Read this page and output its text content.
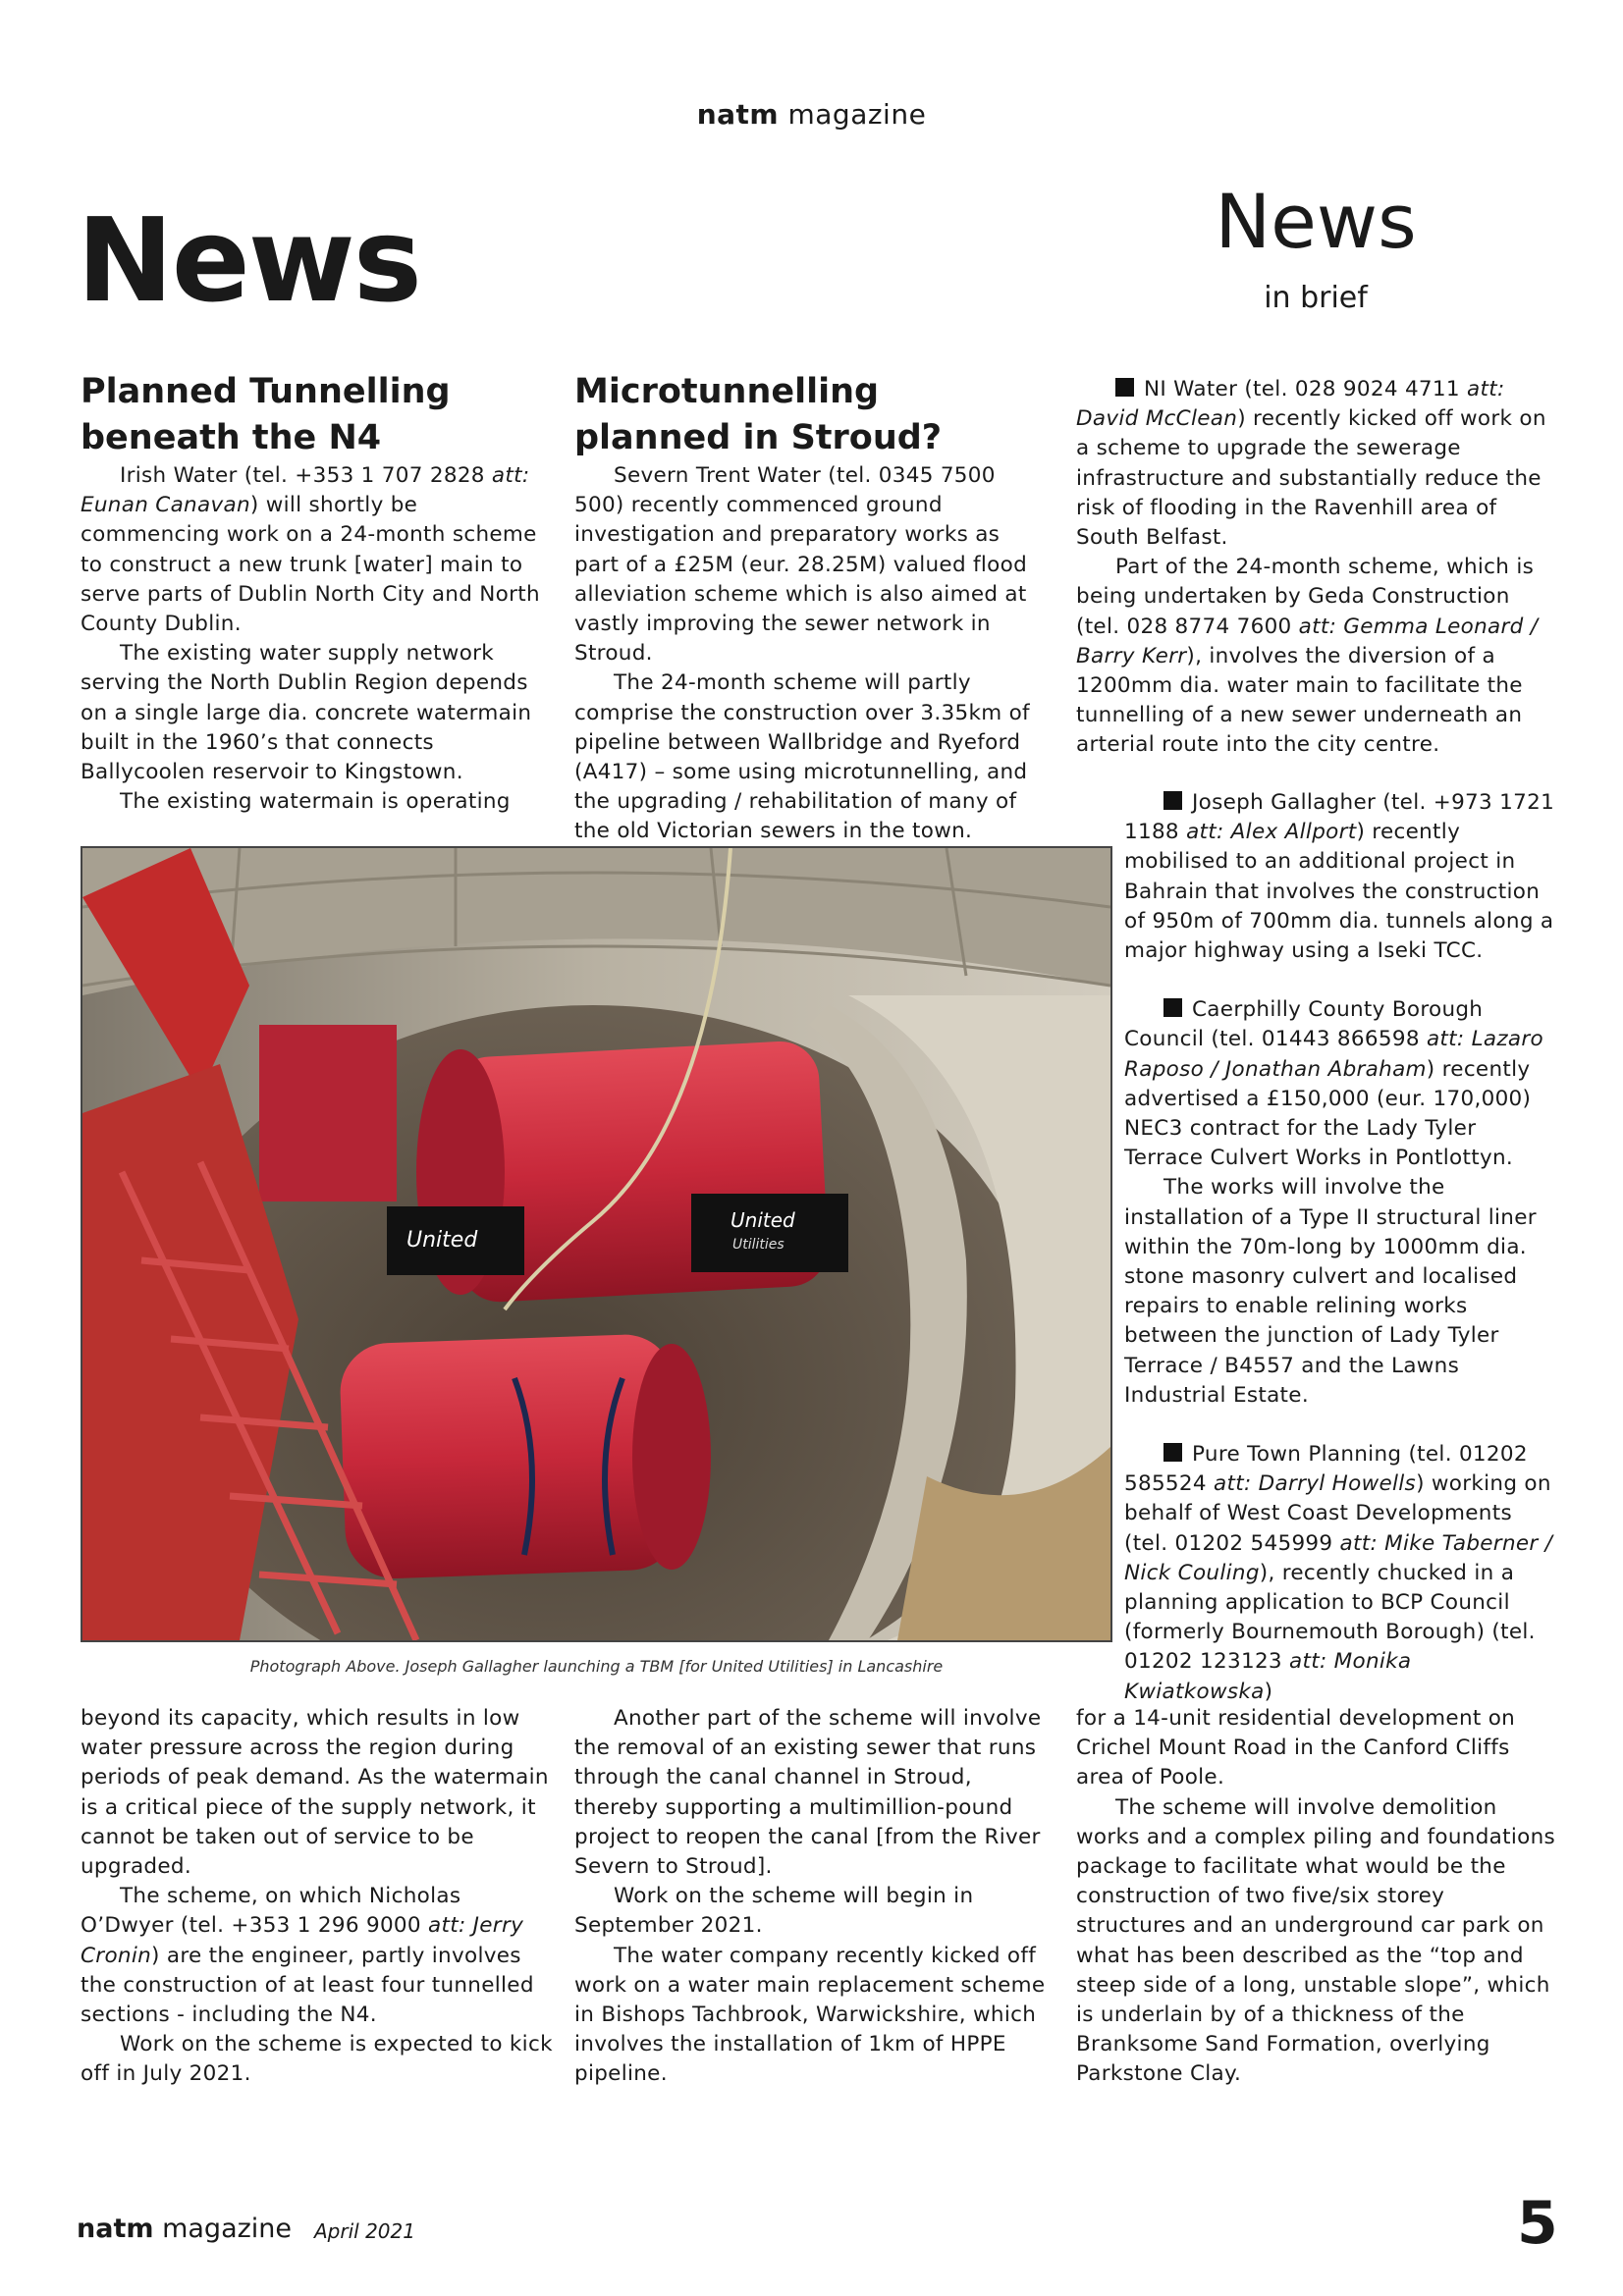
natm magazine
News	News
in brief
Planned Tunnelling
beneath the N4

Irish Water (tel. +353 1 707 2828 att: Eunan Canavan) will shortly be commencing work on a 24-month scheme to construct a new trunk [water] main to serve parts of Dublin North City and North County Dublin.

The existing water supply network serving the North Dublin Region depends on a single large dia. concrete watermain built in the 1960’s that connects Ballycoolen reservoir to Kingstown.

The existing watermain is operating

Microtunnelling
planned in Stroud?

Severn Trent Water (tel. 0345 7500 500) recently commenced ground investigation and preparatory works as part of a £25M (eur. 28.25M) valued flood alleviation scheme which is also aimed at vastly improving the sewer network in Stroud.

The 24-month scheme will partly comprise the construction over 3.35km of pipeline between Wallbridge and Ryeford (A417) – some using microtunnelling, and the upgrading / rehabilitation of many of the old Victorian sewers in the town.

United
United
Utilities
Photograph Above. Joseph Gallagher launching a TBM [for United Utilities] in Lancashire

beyond its capacity, which results in low water pressure across the region during periods of peak demand. As the watermain is a critical piece of the supply network, it cannot be taken out of service to be upgraded.

The scheme, on which Nicholas O’Dwyer (tel. +353 1 296 9000 att: Jerry Cronin) are the engineer, partly involves the construction of at least four tunnelled sections - including the N4.

Work on the scheme is expected to kick off in July 2021.

Another part of the scheme will involve the removal of an existing sewer that runs through the canal channel in Stroud, thereby supporting a multimillion-pound project to reopen the canal [from the River Severn to Stroud].

Work on the scheme will begin in September 2021.

The water company recently kicked off work on a water main replacement scheme in Bishops Tachbrook, Warwickshire, which involves the installation of 1km of HPPE pipeline.

NI Water (tel. 028 9024 4711 att: David McClean) recently kicked off work on a scheme to upgrade the sewerage infrastructure and substantially reduce the risk of flooding in the Ravenhill area of South Belfast.

Part of the 24-month scheme, which is being undertaken by Geda Construction (tel. 028 8774 7600 att: Gemma Leonard / Barry Kerr), involves the diversion of a 1200mm dia. water main to facilitate the tunnelling of a new sewer underneath an arterial route into the city centre.

Joseph Gallagher (tel. +973 1721 1188 att: Alex Allport) recently mobilised to an additional project in Bahrain that involves the construction of 950m of 700mm dia. tunnels along a major highway using a Iseki TCC.

Caerphilly County Borough Council (tel. 01443 866598 att: Lazaro Raposo / Jonathan Abraham) recently advertised a £150,000 (eur. 170,000) NEC3 contract for the Lady Tyler Terrace Culvert Works in Pontlottyn.

The works will involve the installation of a Type II structural liner within the 70m-long by 1000mm dia. stone masonry culvert and localised repairs to enable relining works between the junction of Lady Tyler Terrace / B4557 and the Lawns Industrial Estate.

Pure Town Planning (tel. 01202 585524 att: Darryl Howells) working on behalf of West Coast Developments (tel. 01202 545999 att: Mike Taberner / Nick Couling), recently chucked in a planning application to BCP Council (formerly Bournemouth Borough) (tel. 01202 123123 att: Monika Kwiatkowska)

for a 14-unit residential development on Crichel Mount Road in the Canford Cliffs area of Poole.

The scheme will involve demolition works and a complex piling and foundations package to facilitate what would be the construction of two five/six storey structures and an underground car park on what has been described as the “top and steep side of a long, unstable slope”, which is underlain by of a thickness of the Branksome Sand Formation, overlying Parkstone Clay.

natm magazine April 2021	5
